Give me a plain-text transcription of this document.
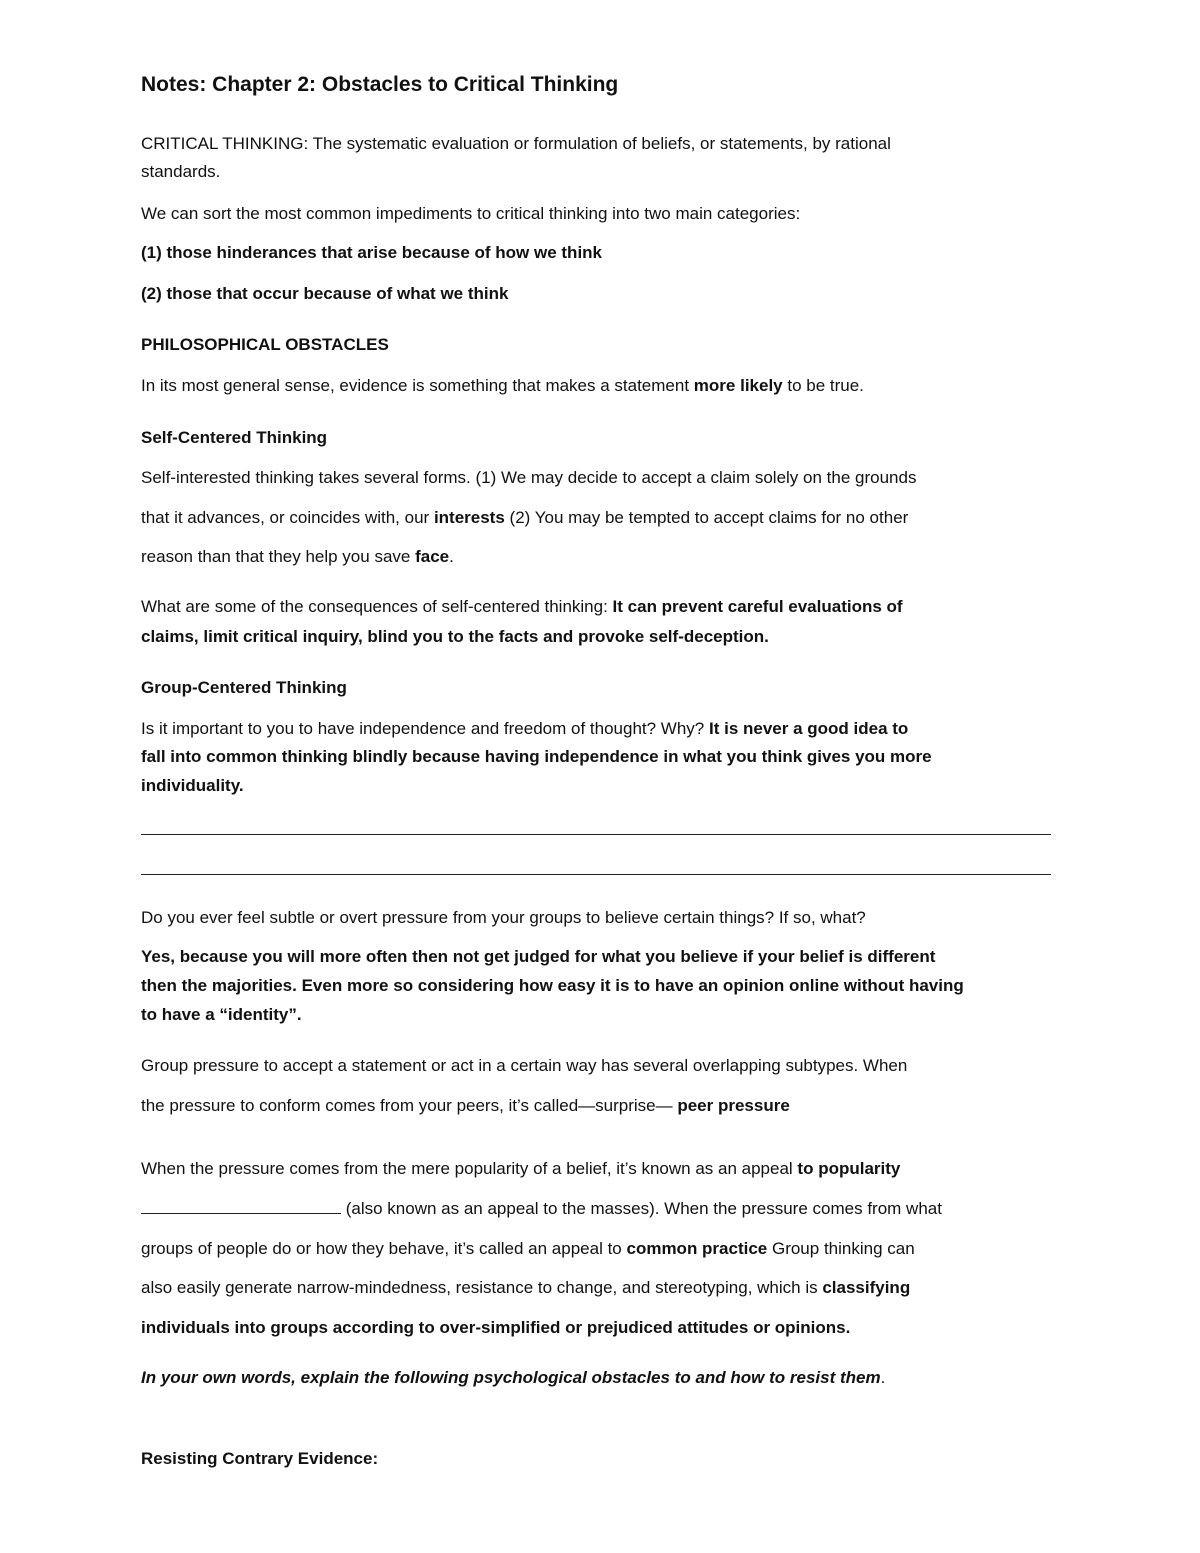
Notes: Chapter 2: Obstacles to Critical Thinking
CRITICAL THINKING: The systematic evaluation or formulation of beliefs, or statements, by rational
standards.
We can sort the most common impediments to critical thinking into two main categories:
(1) those hinderances that arise because of how we think
(2) those that occur because of what we think
PHILOSOPHICAL OBSTACLES
In its most general sense, evidence is something that makes a statement more likely to be true.
Self-Centered Thinking
Self-interested thinking takes several forms. (1) We may decide to accept a claim solely on the grounds
that it advances, or coincides with, our interests (2) You may be tempted to accept claims for no other
reason than that they help you save face.
What are some of the consequences of self-centered thinking: It can prevent careful evaluations of
claims, limit critical inquiry, blind you to the facts and provoke self-deception.
Group-Centered Thinking
Is it important to you to have independence and freedom of thought? Why? It is never a good idea to
fall into common thinking blindly because having independence in what you think gives you more
individuality.
Do you ever feel subtle or overt pressure from your groups to believe certain things? If so, what?
Yes, because you will more often then not get judged for what you believe if your belief is different
then the majorities. Even more so considering how easy it is to have an opinion online without having
to have a “identity”.
Group pressure to accept a statement or act in a certain way has several overlapping subtypes. When
the pressure to conform comes from your peers, it’s called—surprise— peer pressure
When the pressure comes from the mere popularity of a belief, it’s known as an appeal to popularity
(also known as an appeal to the masses). When the pressure comes from what
groups of people do or how they behave, it’s called an appeal to common practice Group thinking can
also easily generate narrow-mindedness, resistance to change, and stereotyping, which is classifying
individuals into groups according to over-simplified or prejudiced attitudes or opinions.
In your own words, explain the following psychological obstacles to and how to resist them.
Resisting Contrary Evidence:
